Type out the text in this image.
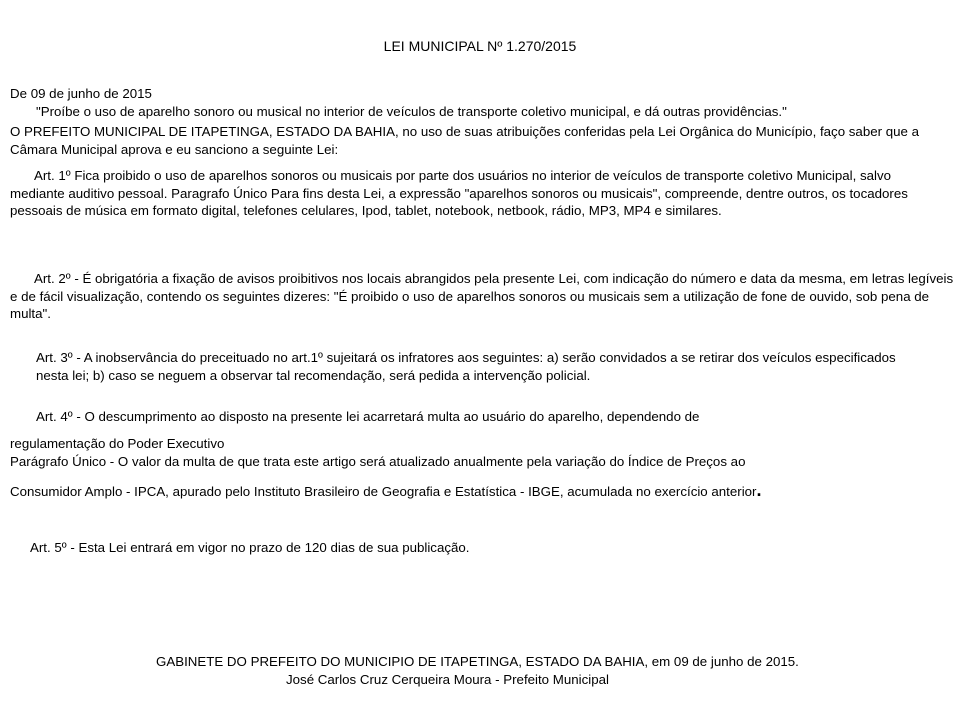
LEI MUNICIPAL Nº 1.270/2015
De 09 de junho de 2015
"Proíbe o uso de aparelho sonoro ou musical no interior de veículos de transporte coletivo municipal, e dá outras providências."
O PREFEITO MUNICIPAL DE ITAPETINGA, ESTADO DA BAHIA, no uso de suas atribuições conferidas pela Lei Orgânica do Município, faço saber que a Câmara Municipal aprova e eu sanciono a seguinte Lei:
Art. 1º Fica proibido o uso de aparelhos sonoros ou musicais por parte dos usuários no interior de veículos de transporte coletivo Municipal, salvo mediante auditivo pessoal. Paragrafo Único Para fins desta Lei, a expressão "aparelhos sonoros ou musicais", compreende, dentre outros, os tocadores pessoais de música em formato digital, telefones celulares, Ipod, tablet, notebook, netbook, rádio, MP3, MP4 e similares.
Art. 2º - É obrigatória a fixação de avisos proibitivos nos locais abrangidos pela presente Lei, com indicação do número e data da mesma, em letras legíveis e de fácil visualização, contendo os seguintes dizeres: "É proibido o uso de aparelhos sonoros ou musicais sem a utilização de fone de ouvido, sob pena de multa".
Art. 3º - A inobservância do preceituado no art.1º sujeitará os infratores aos seguintes: a) serão convidados a se retirar dos veículos especificados nesta lei; b) caso se neguem a observar tal recomendação, será pedida a intervenção policial.
Art. 4º - O descumprimento ao disposto na presente lei acarretará multa ao usuário do aparelho, dependendo de
regulamentação do Poder Executivo
Parágrafo Único - O valor da multa de que trata este artigo será atualizado anualmente pela variação do Índice de Preços ao
Consumidor Amplo - IPCA, apurado pelo Instituto Brasileiro de Geografia e Estatística - IBGE, acumulada no exercício anterior.
Art. 5º - Esta Lei entrará em vigor no prazo de 120 dias de sua publicação.
GABINETE DO PREFEITO DO MUNICIPIO DE ITAPETINGA, ESTADO DA BAHIA, em 09 de junho de 2015.
José Carlos Cruz Cerqueira Moura - Prefeito Municipal
